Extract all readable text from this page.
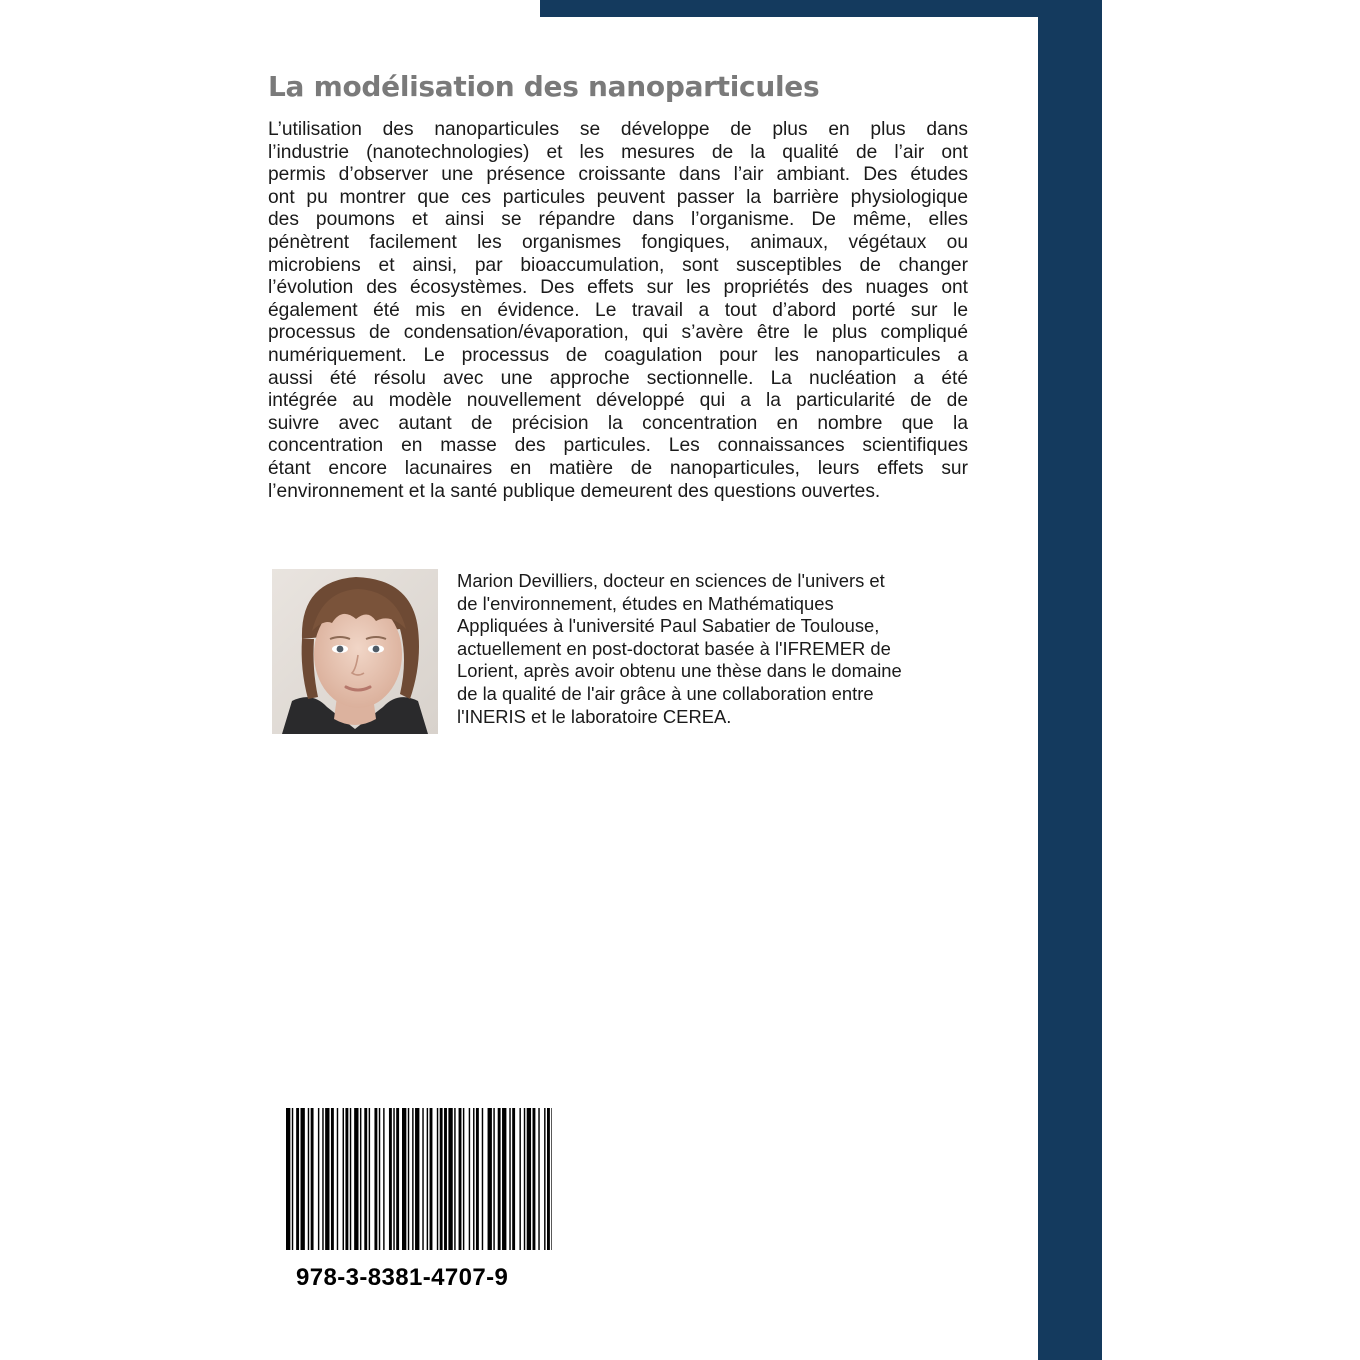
La modélisation des nanoparticules
L’utilisation des nanoparticules se développe de plus en plus dans
l’industrie (nanotechnologies) et les mesures de la qualité de l’air ont
permis d’observer une présence croissante dans l’air ambiant. Des études
ont pu montrer que ces particules peuvent passer la barrière physiologique
des poumons et ainsi se répandre dans l’organisme. De même, elles
pénètrent facilement les organismes fongiques, animaux, végétaux ou
microbiens et ainsi, par bioaccumulation, sont susceptibles de changer
l’évolution des écosystèmes. Des effets sur les propriétés des nuages ont
également été mis en évidence. Le travail a tout d’abord porté sur le
processus de condensation/évaporation, qui s’avère être le plus compliqué
numériquement. Le processus de coagulation pour les nanoparticules a
aussi été résolu avec une approche sectionnelle. La nucléation a été
intégrée au modèle nouvellement développé qui a la particularité de de
suivre avec autant de précision la concentration en nombre que la
concentration en masse des particules. Les connaissances scientifiques
étant encore lacunaires en matière de nanoparticules, leurs effets sur
l’environnement et la santé publique demeurent des questions ouvertes.
Marion Devilliers, docteur en sciences de l'univers et
de l'environnement, études en Mathématiques
Appliquées à l'université Paul Sabatier de Toulouse,
actuellement en post-doctorat basée à l'IFREMER de
Lorient, après avoir obtenu une thèse dans le domaine
de la qualité de l'air grâce à une collaboration entre
l'INERIS et le laboratoire CEREA.
978-3-8381-4707-9
